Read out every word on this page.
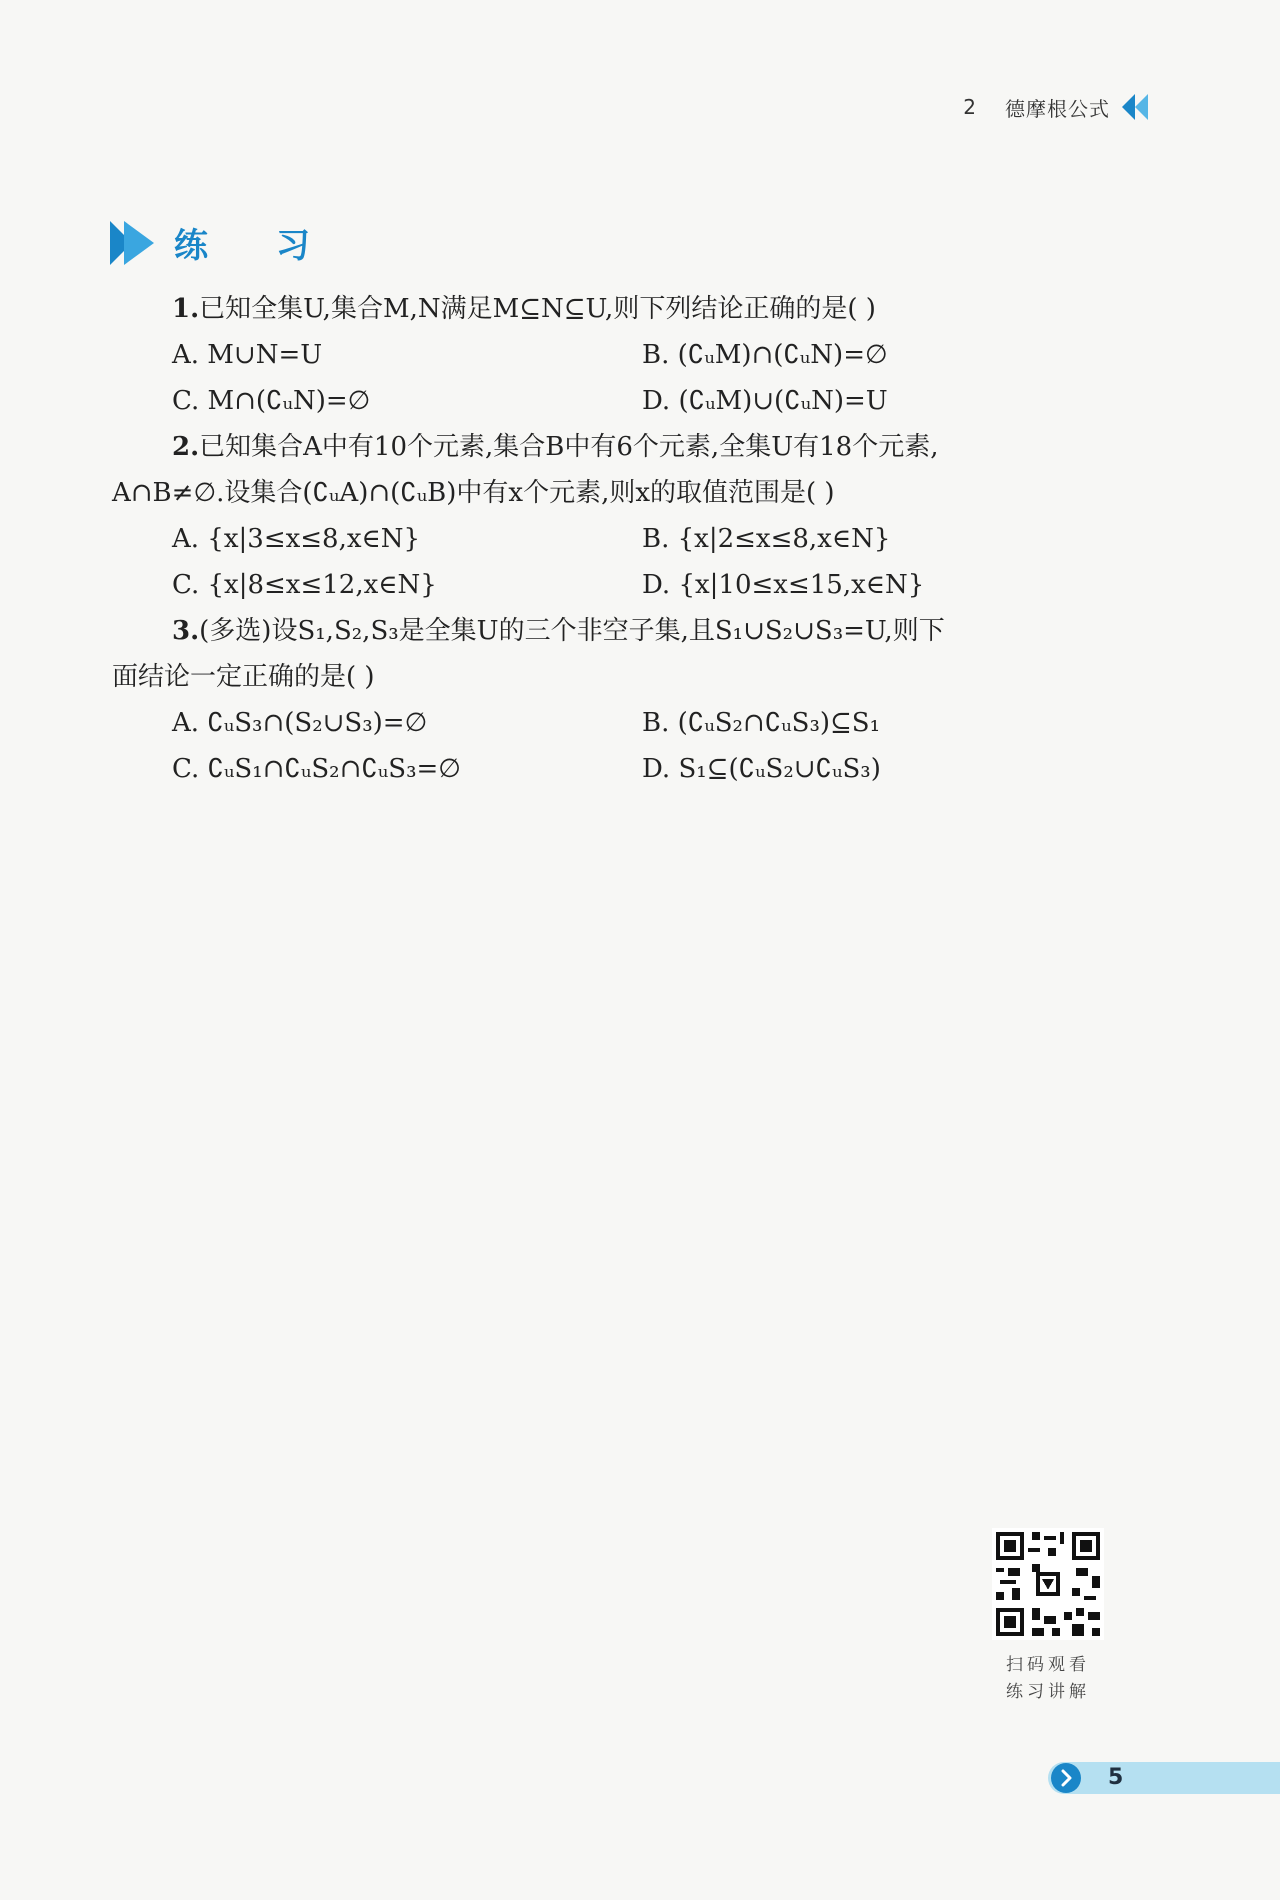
2 德摩根公式
练 习

1.已知全集U,集合M,N满足M⊆N⊆U,则下列结论正确的是( )

A. M∪N=U	B. (∁ᵤM)∩(∁ᵤN)=∅
C. M∩(∁ᵤN)=∅	D. (∁ᵤM)∪(∁ᵤN)=U

2.已知集合A中有10个元素,集合B中有6个元素,全集U有18个元素,

A∩B≠∅.设集合(∁ᵤA)∩(∁ᵤB)中有x个元素,则x的取值范围是( )

A. {x|3≤x≤8,x∈N}	B. {x|2≤x≤8,x∈N}
C. {x|8≤x≤12,x∈N}	D. {x|10≤x≤15,x∈N}

3.(多选)设S₁,S₂,S₃是全集U的三个非空子集,且S₁∪S₂∪S₃=U,则下

面结论一定正确的是( )

A. ∁ᵤS₃∩(S₂∪S₃)=∅	B. (∁ᵤS₂∩∁ᵤS₃)⊆S₁
C. ∁ᵤS₁∩∁ᵤS₂∩∁ᵤS₃=∅	D. S₁⊆(∁ᵤS₂∪∁ᵤS₃)
扫码观看
练习讲解
5
